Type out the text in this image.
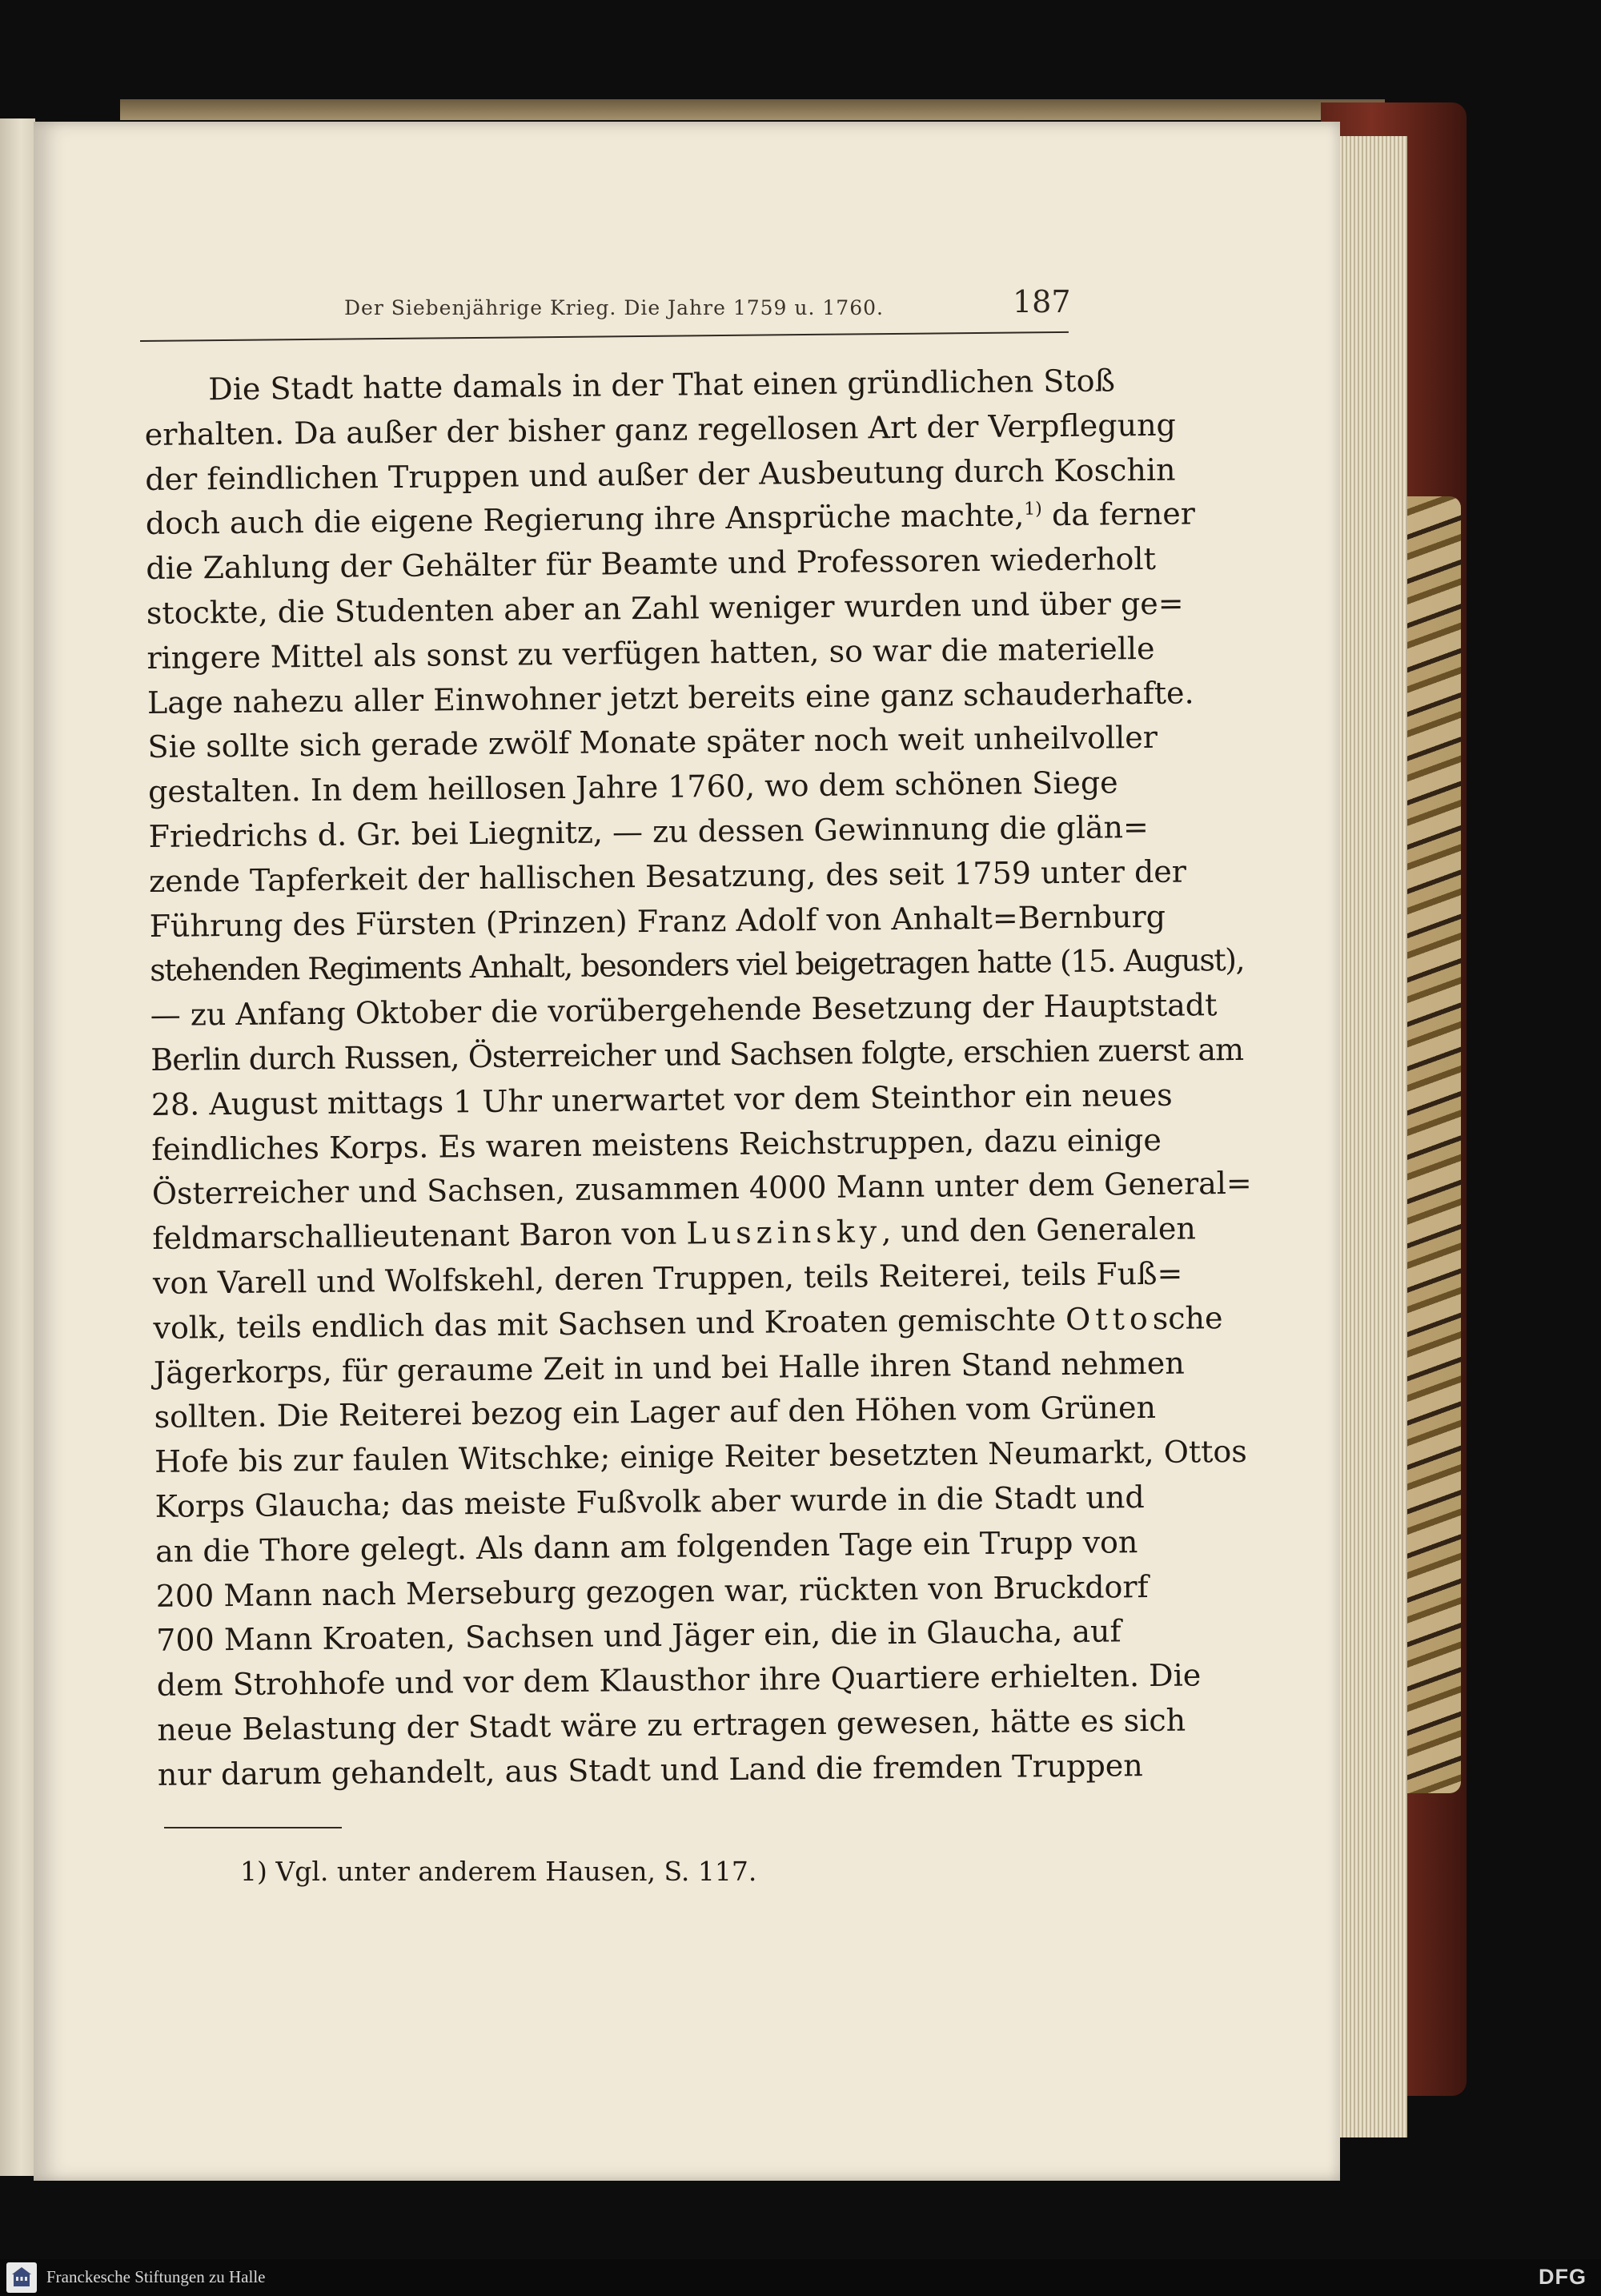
Der Siebenjährige Krieg. Die Jahre 1759 u. 1760.	187
Die Stadt hatte damals in der That einen gründlichen Stoß
erhalten. Da außer der bisher ganz regellosen Art der Verpflegung
der feindlichen Truppen und außer der Ausbeutung durch Koschin
doch auch die eigene Regierung ihre Ansprüche machte,$^{1)}$ da ferner
die Zahlung der Gehälter für Beamte und Professoren wiederholt
stockte, die Studenten aber an Zahl weniger wurden und über ge=
ringere Mittel als sonst zu verfügen hatten, so war die materielle
Lage nahezu aller Einwohner jetzt bereits eine ganz schauderhafte.
Sie sollte sich gerade zwölf Monate später noch weit unheilvoller
gestalten. In dem heillosen Jahre 1760, wo dem schönen Siege
Friedrichs d. Gr. bei Liegnitz, — zu dessen Gewinnung die glän=
zende Tapferkeit der hallischen Besatzung, des seit 1759 unter der
Führung des Fürsten (Prinzen) Franz Adolf von Anhalt=Bernburg
stehenden Regiments Anhalt, besonders viel beigetragen hatte (15. August),
— zu Anfang Oktober die vorübergehende Besetzung der Hauptstadt
Berlin durch Russen, Österreicher und Sachsen folgte, erschien zuerst am
28. August mittags 1 Uhr unerwartet vor dem Steinthor ein neues
feindliches Korps. Es waren meistens Reichstruppen, dazu einige
Österreicher und Sachsen, zusammen 4000 Mann unter dem General=
feldmarschallieutenant Baron von Luszinsky, und den Generalen
von Varell und Wolfskehl, deren Truppen, teils Reiterei, teils Fuß=
volk, teils endlich das mit Sachsen und Kroaten gemischte Ottosche
Jägerkorps, für geraume Zeit in und bei Halle ihren Stand nehmen
sollten. Die Reiterei bezog ein Lager auf den Höhen vom Grünen
Hofe bis zur faulen Witschke; einige Reiter besetzten Neumarkt, Ottos
Korps Glaucha; das meiste Fußvolk aber wurde in die Stadt und
an die Thore gelegt. Als dann am folgenden Tage ein Trupp von
200 Mann nach Merseburg gezogen war, rückten von Bruckdorf
700 Mann Kroaten, Sachsen und Jäger ein, die in Glaucha, auf
dem Strohhofe und vor dem Klausthor ihre Quartiere erhielten. Die
neue Belastung der Stadt wäre zu ertragen gewesen, hätte es sich
nur darum gehandelt, aus Stadt und Land die fremden Truppen
1) Vgl. unter anderem Hausen, S. 117.
Franckesche Stiftungen zu Halle	DFG
